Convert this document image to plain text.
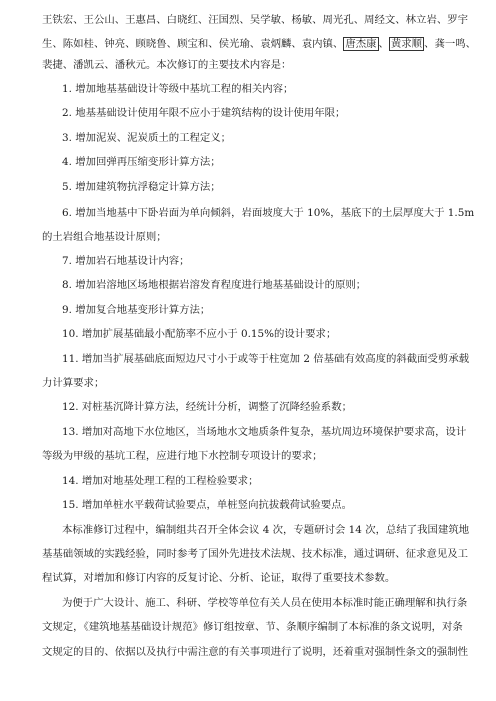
王铁宏、王公山、王惠昌、白晓红、汪国烈、吴学敏、杨敏、周光孔、周经文、林立岩、罗宇
生、陈如桂、钟亮、顾晓鲁、顾宝和、侯光瑜、袁炳麟、袁内镇、 唐杰康 、 黄求顺 、龚一鸣、
裴捷、潘凯云、潘秋元。本次修订的主要技术内容是：
1. 增加地基基础设计等级中基坑工程的相关内容；
2. 地基基础设计使用年限不应小于建筑结构的设计使用年限；
3. 增加泥炭、泥炭质土的工程定义；
4. 增加回弹再压缩变形计算方法；
5. 增加建筑物抗浮稳定计算方法；
6. 增加当地基中下卧岩面为单向倾斜，岩面坡度大于 10%，基底下的土层厚度大于 1.5m
的土岩组合地基设计原则；
7. 增加岩石地基设计内容；
8. 增加岩溶地区场地根据岩溶发育程度进行地基基础设计的原则；
9. 增加复合地基变形计算方法；
10. 增加扩展基础最小配筋率不应小于 0.15%的设计要求；
11. 增加当扩展基础底面短边尺寸小于或等于柱宽加 2 倍基础有效高度的斜截面受剪承载
力计算要求；
12. 对桩基沉降计算方法，经统计分析，调整了沉降经验系数；
13. 增加对高地下水位地区，当场地水文地质条件复杂，基坑周边环境保护要求高，设计
等级为甲级的基坑工程，应进行地下水控制专项设计的要求；
14. 增加对地基处理工程的工程检验要求；
15. 增加单桩水平载荷试验要点，单桩竖向抗拔载荷试验要点。
本标准修订过程中，编制组共召开全体会议 4 次，专题研讨会 14 次，总结了我国建筑地
基基础领域的实践经验，同时参考了国外先进技术法规、技术标准，通过调研、征求意见及工
程试算，对增加和修订内容的反复讨论、分析、论证，取得了重要技术参数。
为便于广大设计、施工、科研、学校等单位有关人员在使用本标准时能正确理解和执行条
文规定，《建筑地基基础设计规范》修订组按章、节、条顺序编制了本标准的条文说明，对条
文规定的目的、依据以及执行中需注意的有关事项进行了说明，还着重对强制性条文的强制性
